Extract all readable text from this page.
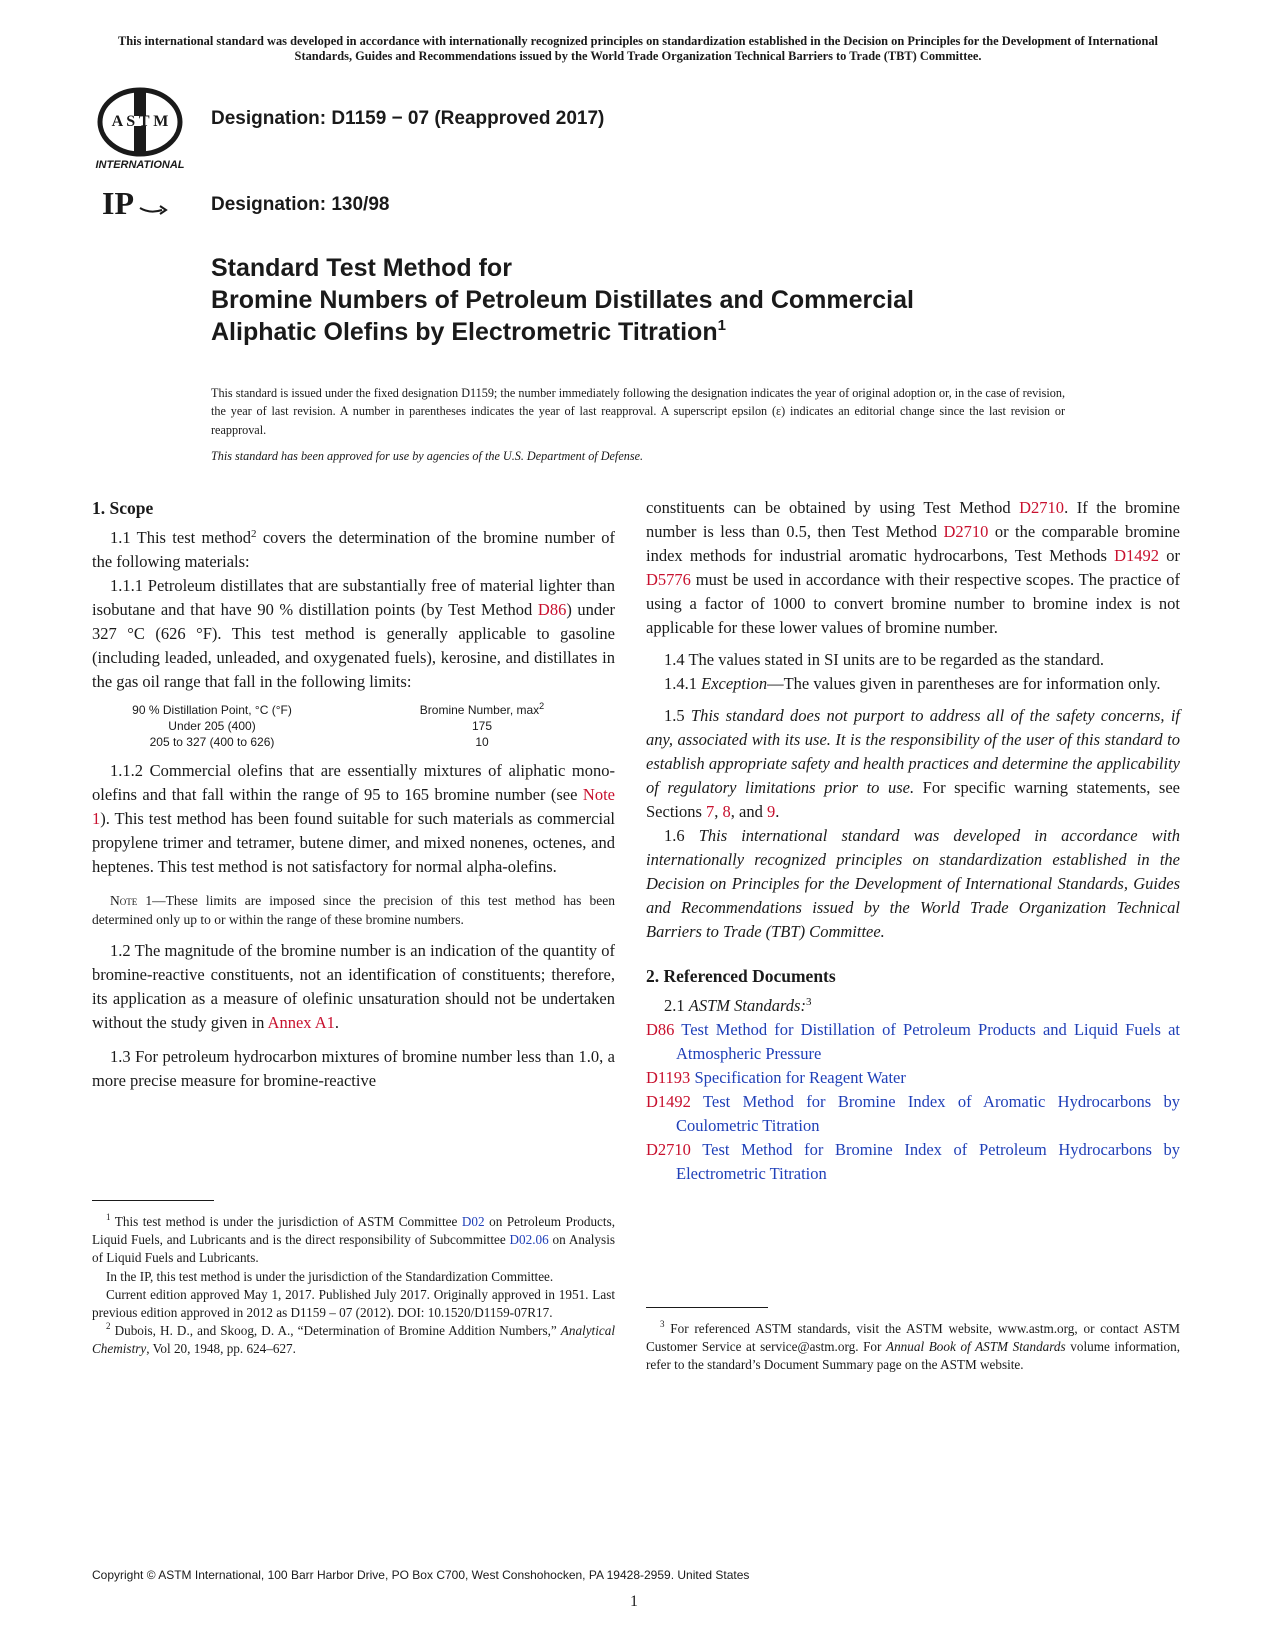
This international standard was developed in accordance with internationally recognized principles on standardization established in the Decision on Principles for the Development of International Standards, Guides and Recommendations issued by the World Trade Organization Technical Barriers to Trade (TBT) Committee.
A S T M
INTERNATIONAL
IP
Designation: D1159 − 07 (Reapproved 2017)
Designation: 130/98
Standard Test Method for
Bromine Numbers of Petroleum Distillates and Commercial
Aliphatic Olefins by Electrometric Titration$^1$
This standard is issued under the fixed designation D1159; the number immediately following the designation indicates the year of original adoption or, in the case of revision, the year of last revision. A number in parentheses indicates the year of last reapproval. A superscript epsilon (ε) indicates an editorial change since the last revision or reapproval.
This standard has been approved for use by agencies of the U.S. Department of Defense.
1. Scope

1.1 This test method$^2$ covers the determination of the bromine number of the following materials:

1.1.1 Petroleum distillates that are substantially free of material lighter than isobutane and that have 90 % distillation points (by Test Method D86) under 327 °C (626 °F). This test method is generally applicable to gasoline (including leaded, unleaded, and oxygenated fuels), kerosine, and distillates in the gas oil range that fall in the following limits:

90 % Distillation Point, °C (°F)	Bromine Number, $\max^2$
Under 205 (400)	175
205 to 327 (400 to 626)	10

1.1.2 Commercial olefins that are essentially mixtures of aliphatic mono-olefins and that fall within the range of 95 to 165 bromine number (see Note 1). This test method has been found suitable for such materials as commercial propylene trimer and tetramer, butene dimer, and mixed nonenes, octenes, and heptenes. This test method is not satisfactory for normal alpha-olefins.

Note 1—These limits are imposed since the precision of this test method has been determined only up to or within the range of these bromine numbers.

1.2 The magnitude of the bromine number is an indication of the quantity of bromine-reactive constituents, not an identification of constituents; therefore, its application as a measure of olefinic unsaturation should not be undertaken without the study given in Annex A1.

1.3 For petroleum hydrocarbon mixtures of bromine number less than 1.0, a more precise measure for bromine-reactive

$^1$ This test method is under the jurisdiction of ASTM Committee D02 on Petroleum Products, Liquid Fuels, and Lubricants and is the direct responsibility of Subcommittee D02.06 on Analysis of Liquid Fuels and Lubricants.

In the IP, this test method is under the jurisdiction of the Standardization Committee.

Current edition approved May 1, 2017. Published July 2017. Originally approved in 1951. Last previous edition approved in 2012 as D1159 – 07 (2012). DOI: 10.1520/D1159-07R17.

$^2$ Dubois, H. D., and Skoog, D. A., “Determination of Bromine Addition Numbers,” Analytical Chemistry, Vol 20, 1948, pp. 624–627.

constituents can be obtained by using Test Method D2710. If the bromine number is less than 0.5, then Test Method D2710 or the comparable bromine index methods for industrial aromatic hydrocarbons, Test Methods D1492 or D5776 must be used in accordance with their respective scopes. The practice of using a factor of 1000 to convert bromine number to bromine index is not applicable for these lower values of bromine number.

1.4 The values stated in SI units are to be regarded as the standard.

1.4.1 Exception—The values given in parentheses are for information only.

1.5 This standard does not purport to address all of the safety concerns, if any, associated with its use. It is the responsibility of the user of this standard to establish appropriate safety and health practices and determine the applicability of regulatory limitations prior to use. For specific warning statements, see Sections 7, 8, and 9.

1.6 This international standard was developed in accordance with internationally recognized principles on standardization established in the Decision on Principles for the Development of International Standards, Guides and Recommendations issued by the World Trade Organization Technical Barriers to Trade (TBT) Committee.

2. Referenced Documents

2.1 ASTM Standards:$^3$

D86 Test Method for Distillation of Petroleum Products and Liquid Fuels at Atmospheric Pressure

D1193 Specification for Reagent Water

D1492 Test Method for Bromine Index of Aromatic Hydrocarbons by Coulometric Titration

D2710 Test Method for Bromine Index of Petroleum Hydrocarbons by Electrometric Titration

$^3$ For referenced ASTM standards, visit the ASTM website, www.astm.org, or contact ASTM Customer Service at service@astm.org. For Annual Book of ASTM Standards volume information, refer to the standard’s Document Summary page on the ASTM website.

Copyright © ASTM International, 100 Barr Harbor Drive, PO Box C700, West Conshohocken, PA 19428-2959. United States
1
